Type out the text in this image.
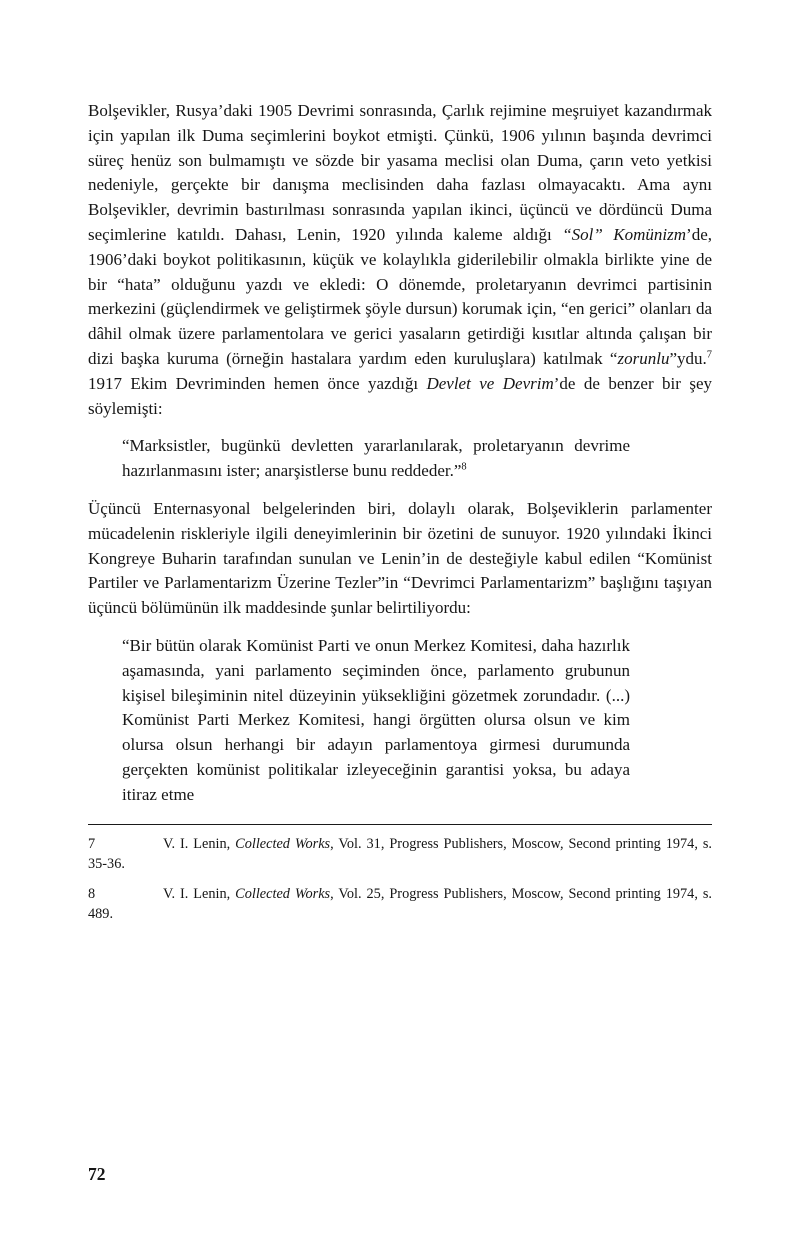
Bolşevikler, Rusya’daki 1905 Devrimi sonrasında, Çarlık rejimine meşruiyet kazandırmak için yapılan ilk Duma seçimlerini boykot etmişti. Çünkü, 1906 yılının başında devrimci süreç henüz son bulmamıştı ve sözde bir yasama meclisi olan Duma, çarın veto yetkisi nedeniyle, gerçekte bir danışma meclisinden daha fazlası olmayacaktı. Ama aynı Bolşevikler, devrimin bastırılması sonrasında yapılan ikinci, üçüncü ve dördüncü Duma seçimlerine katıldı. Dahası, Lenin, 1920 yılında kaleme aldığı “Sol” Komünizm’de, 1906’daki boykot politikasının, küçük ve kolaylıkla giderilebilir olmakla birlikte yine de bir “hata” olduğunu yazdı ve ekledi: O dönemde, proletaryanın devrimci partisinin merkezini (güçlendirmek ve geliştirmek şöyle dursun) korumak için, “en gerici” olanları da dâhil olmak üzere parlamentolara ve gerici yasaların getirdiği kısıtlar altında çalışan bir dizi başka kuruma (örneğin hastalara yardım eden kuruluşlara) katılmak “zorunlu”ydu.$^7$ 1917 Ekim Devriminden hemen önce yazdığı Devlet ve Devrim’de de benzer bir şey söylemişti:

“Marksistler, bugünkü devletten yararlanılarak, proletaryanın devrime hazırlanmasını ister; anarşistlerse bunu reddeder.”$^8$

Üçüncü Enternasyonal belgelerinden biri, dolaylı olarak, Bolşeviklerin parlamenter mücadelenin riskleriyle ilgili deneyimlerinin bir özetini de sunuyor. 1920 yılındaki İkinci Kongreye Buharin tarafından sunulan ve Lenin’in de desteğiyle kabul edilen “Komünist Partiler ve Parlamentarizm Üzerine Tezler”in “Devrimci Parlamentarizm” başlığını taşıyan üçüncü bölümünün ilk maddesinde şunlar belirtiliyordu:

“Bir bütün olarak Komünist Parti ve onun Merkez Komitesi, daha hazırlık aşamasında, yani parlamento seçiminden önce, parlamento grubunun kişisel bileşiminin nitel düzeyinin yüksekliğini gözetmek zorundadır. (...) Komünist Parti Merkez Komitesi, hangi örgütten olursa olsun ve kim olursa olsun herhangi bir adayın parlamentoya girmesi durumunda gerçekten komünist politikalar izleyeceğinin garantisi yoksa, bu adaya itiraz etme

7	V. I. Lenin, Collected Works, Vol. 31, Progress Publishers, Moscow, Second printing 1974, s. 35-36.

8	V. I. Lenin, Collected Works, Vol. 25, Progress Publishers, Moscow, Second printing 1974, s. 489.

72
